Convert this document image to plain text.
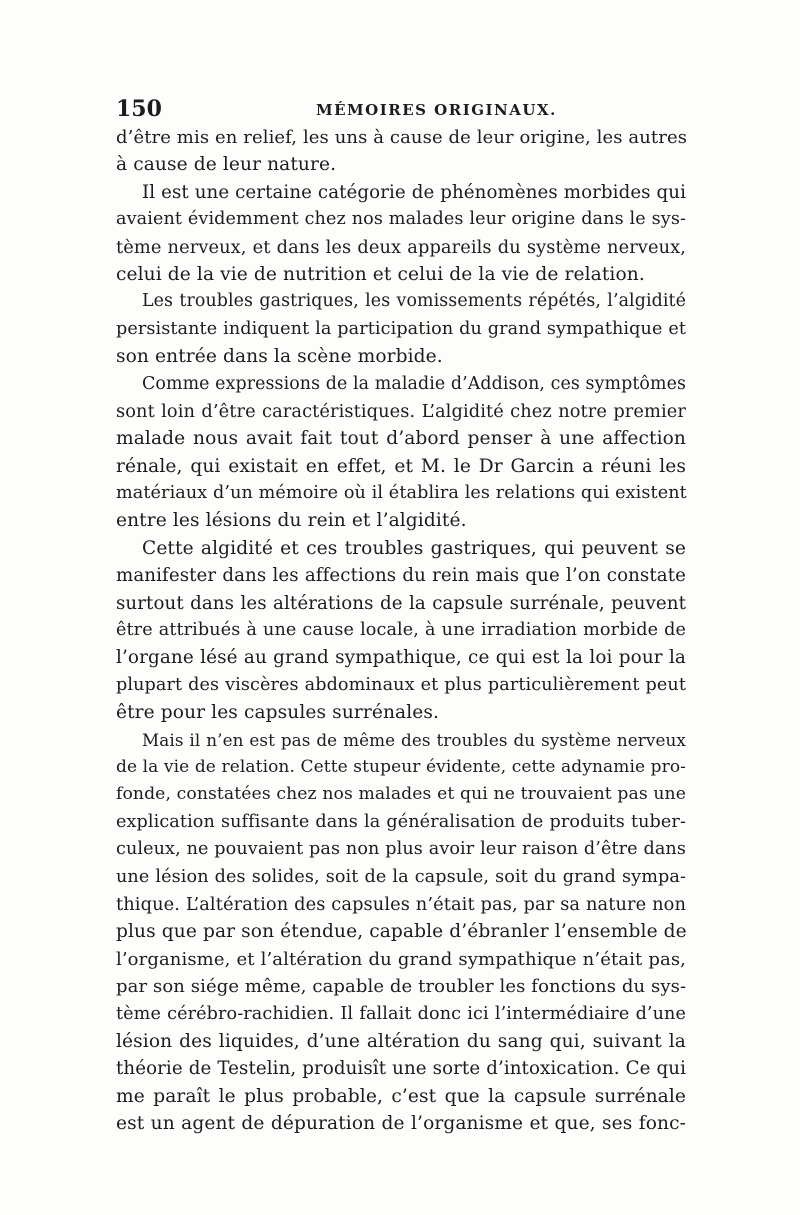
150	MÉMOIRES ORIGINAUX.
d’être mis en relief, les uns à cause de leur origine, les autres
à cause de leur nature.
Il est une certaine catégorie de phénomènes morbides qui
avaient évidemment chez nos malades leur origine dans le sys-
tème nerveux, et dans les deux appareils du système nerveux,
celui de la vie de nutrition et celui de la vie de relation.
Les troubles gastriques, les vomissements répétés, l’algidité
persistante indiquent la participation du grand sympathique et
son entrée dans la scène morbide.
Comme expressions de la maladie d’Addison, ces symptômes
sont loin d’être caractéristiques. L’algidité chez notre premier
malade nous avait fait tout d’abord penser à une affection
rénale, qui existait en effet, et M. le Dr Garcin a réuni les
matériaux d’un mémoire où il établira les relations qui existent
entre les lésions du rein et l’algidité.
Cette algidité et ces troubles gastriques, qui peuvent se
manifester dans les affections du rein mais que l’on constate
surtout dans les altérations de la capsule surrénale, peuvent
être attribués à une cause locale, à une irradiation morbide de
l’organe lésé au grand sympathique, ce qui est la loi pour la
plupart des viscères abdominaux et plus particulièrement peut
être pour les capsules surrénales.
Mais il n’en est pas de même des troubles du système nerveux
de la vie de relation. Cette stupeur évidente, cette adynamie pro-
fonde, constatées chez nos malades et qui ne trouvaient pas une
explication suffisante dans la généralisation de produits tuber-
culeux, ne pouvaient pas non plus avoir leur raison d’être dans
une lésion des solides, soit de la capsule, soit du grand sympa-
thique. L’altération des capsules n’était pas, par sa nature non
plus que par son étendue, capable d’ébranler l’ensemble de
l’organisme, et l’altération du grand sympathique n’était pas,
par son siége même, capable de troubler les fonctions du sys-
tème cérébro-rachidien. Il fallait donc ici l’intermédiaire d’une
lésion des liquides, d’une altération du sang qui, suivant la
théorie de Testelin, produisît une sorte d’intoxication. Ce qui
me paraît le plus probable, c’est que la capsule surrénale
est un agent de dépuration de l’organisme et que, ses fonc-
